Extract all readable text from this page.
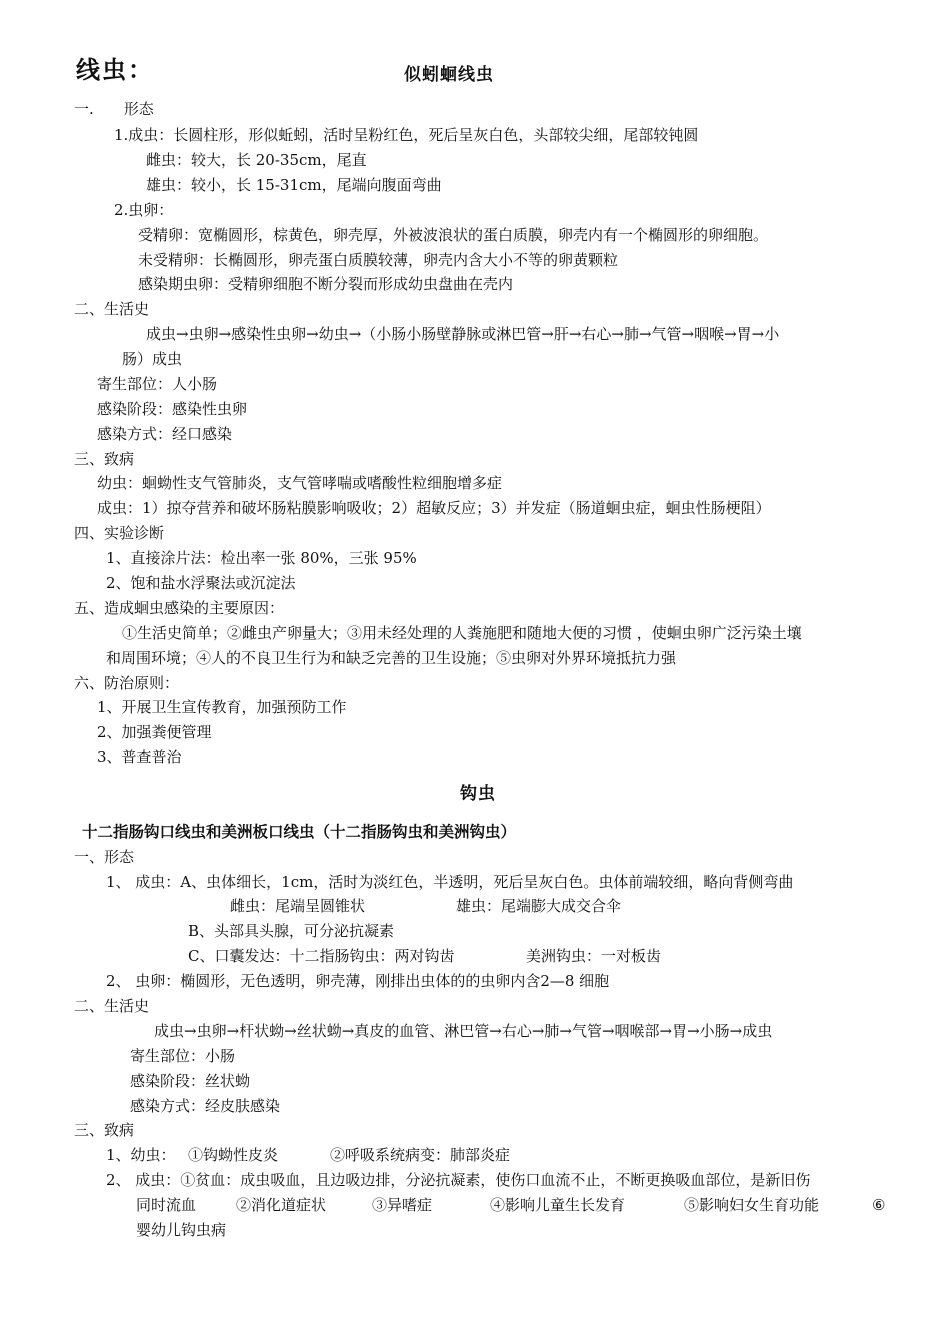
线虫：	似蚓蛔线虫
一.　　形态
1.成虫：长圆柱形，形似蚯蚓，活时呈粉红色，死后呈灰白色，头部较尖细，尾部较钝圆
雌虫：较大，长 20-35cm，尾直
雄虫：较小，长 15-31cm，尾端向腹面弯曲
2.虫卵：
受精卵：宽椭圆形，棕黄色，卵壳厚，外被波浪状的蛋白质膜，卵壳内有一个椭圆形的卵细胞。
未受精卵：长椭圆形，卵壳蛋白质膜较薄，卵壳内含大小不等的卵黄颗粒
感染期虫卵：受精卵细胞不断分裂而形成幼虫盘曲在壳内
二、生活史
成虫→虫卵→感染性虫卵→幼虫→（小肠小肠壁静脉或淋巴管→肝→右心→肺→气管→咽喉→胃→小
肠）成虫
寄生部位：人小肠
感染阶段：感染性虫卵
感染方式：经口感染
三、致病
幼虫：蛔蚴性支气管肺炎，支气管哮喘或嗜酸性粒细胞增多症
成虫：1）掠夺营养和破坏肠粘膜影响吸收；2）超敏反应；3）并发症（肠道蛔虫症，蛔虫性肠梗阻）
四、实验诊断
1、直接涂片法：检出率一张 80%，三张 95%
2、饱和盐水浮聚法或沉淀法
五、造成蛔虫感染的主要原因：
①生活史简单；②雌虫产卵量大；③用未经处理的人粪施肥和随地大便的习惯 ，使蛔虫卵广泛污染土壤
和周围环境；④人的不良卫生行为和缺乏完善的卫生设施；⑤虫卵对外界环境抵抗力强
六、防治原则：
1、开展卫生宣传教育，加强预防工作
2、加强粪便管理
3、普查普治
钩虫
十二指肠钩口线虫和美洲板口线虫（十二指肠钩虫和美洲钩虫）
一、形态
1、 成虫：A、虫体细长，1cm，活时为淡红色，半透明，死后呈灰白色。虫体前端较细，略向背侧弯曲
雌虫：尾端呈圆锥状	雄虫：尾端膨大成交合伞
B、头部具头腺，可分泌抗凝素
C、口囊发达：十二指肠钩虫：两对钩齿	美洲钩虫：一对板齿
2、 虫卵：椭圆形，无色透明，卵壳薄，刚排出虫体的的虫卵内含2—8 细胞
二、生活史
成虫→虫卵→杆状蚴→丝状蚴→真皮的血管、淋巴管→右心→肺→气管→咽喉部→胃→小肠→成虫
寄生部位：小肠
感染阶段：丝状蚴
感染方式：经皮肤感染
三、致病
1、幼虫： ①钩蚴性皮炎	②呼吸系统病变：肺部炎症
2、 成虫：①贫血：成虫吸血，且边吸边排，分泌抗凝素，使伤口血流不止，不断更换吸血部位，是新旧伤
同时流血	②消化道症状	③异嗜症	④影响儿童生长发育	⑤影响妇女生育功能	⑥
婴幼儿钩虫病
